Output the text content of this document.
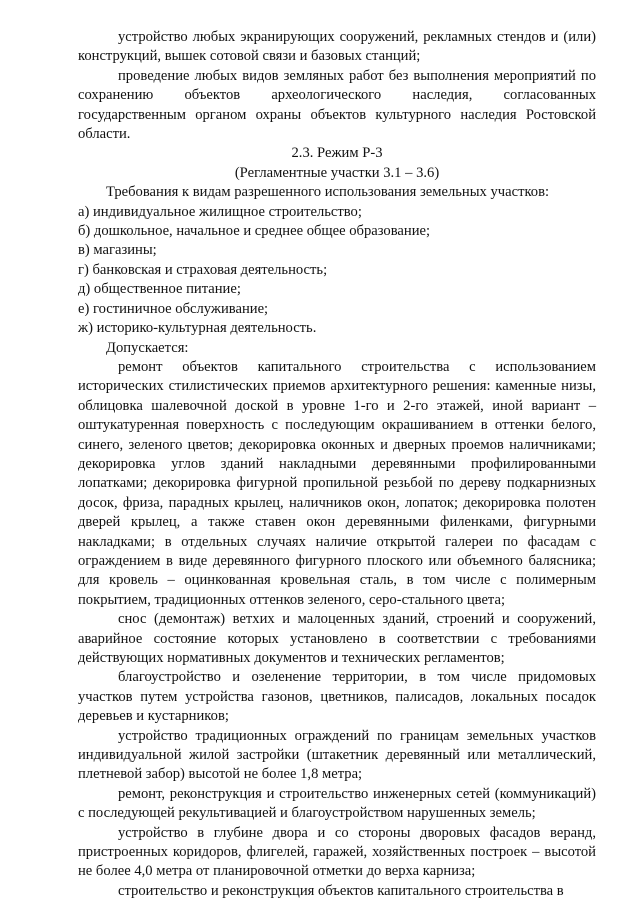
устройство любых экранирующих сооружений, рекламных стендов и (или) конструкций, вышек сотовой связи и базовых станций;

проведение любых видов земляных работ без выполнения мероприятий по сохранению объектов археологического наследия, согласованных государственным органом охраны объектов культурного наследия Ростовской области.

2.3. Режим Р-3

(Регламентные участки 3.1 – 3.6)

Требования к видам разрешенного использования земельных участков:

а) индивидуальное жилищное строительство;

б) дошкольное, начальное и среднее общее образование;

в) магазины;

г) банковская и страховая деятельность;

д) общественное питание;

е) гостиничное обслуживание;

ж) историко-культурная деятельность.

Допускается:

ремонт объектов капитального строительства с использованием исторических стилистических приемов архитектурного решения: каменные низы, облицовка шалевочной доской в уровне 1-го и 2-го этажей, иной вариант – оштукатуренная поверхность с последующим окрашиванием в оттенки белого, синего, зеленого цветов; декорировка оконных и дверных проемов наличниками; декорировка углов зданий накладными деревянными профилированными лопатками; декорировка фигурной пропильной резьбой по дереву подкарнизных досок, фриза, парадных крылец, наличников окон, лопаток; декорировка полотен дверей крылец, а также ставен окон деревянными филенками, фигурными накладками; в отдельных случаях наличие открытой галереи по фасадам с ограждением в виде деревянного фигурного плоского или объемного балясника; для кровель – оцинкованная кровельная сталь, в том числе с полимерным покрытием, традиционных оттенков зеленого, серо-стального цвета;

снос (демонтаж) ветхих и малоценных зданий, строений и сооружений, аварийное состояние которых установлено в соответствии с требованиями действующих нормативных документов и технических регламентов;

благоустройство и озеленение территории, в том числе придомовых участков путем устройства газонов, цветников, палисадов, локальных посадок деревьев и кустарников;

устройство традиционных ограждений по границам земельных участков индивидуальной жилой застройки (штакетник деревянный или металлический, плетневой забор) высотой не более 1,8 метра;

ремонт, реконструкция и строительство инженерных сетей (коммуникаций) с последующей рекультивацией и благоустройством нарушенных земель;

устройство в глубине двора и со стороны дворовых фасадов веранд, пристроенных коридоров, флигелей, гаражей, хозяйственных построек – высотой не более 4,0 метра от планировочной отметки до верха карниза;

строительство и реконструкция объектов капитального строительства в
